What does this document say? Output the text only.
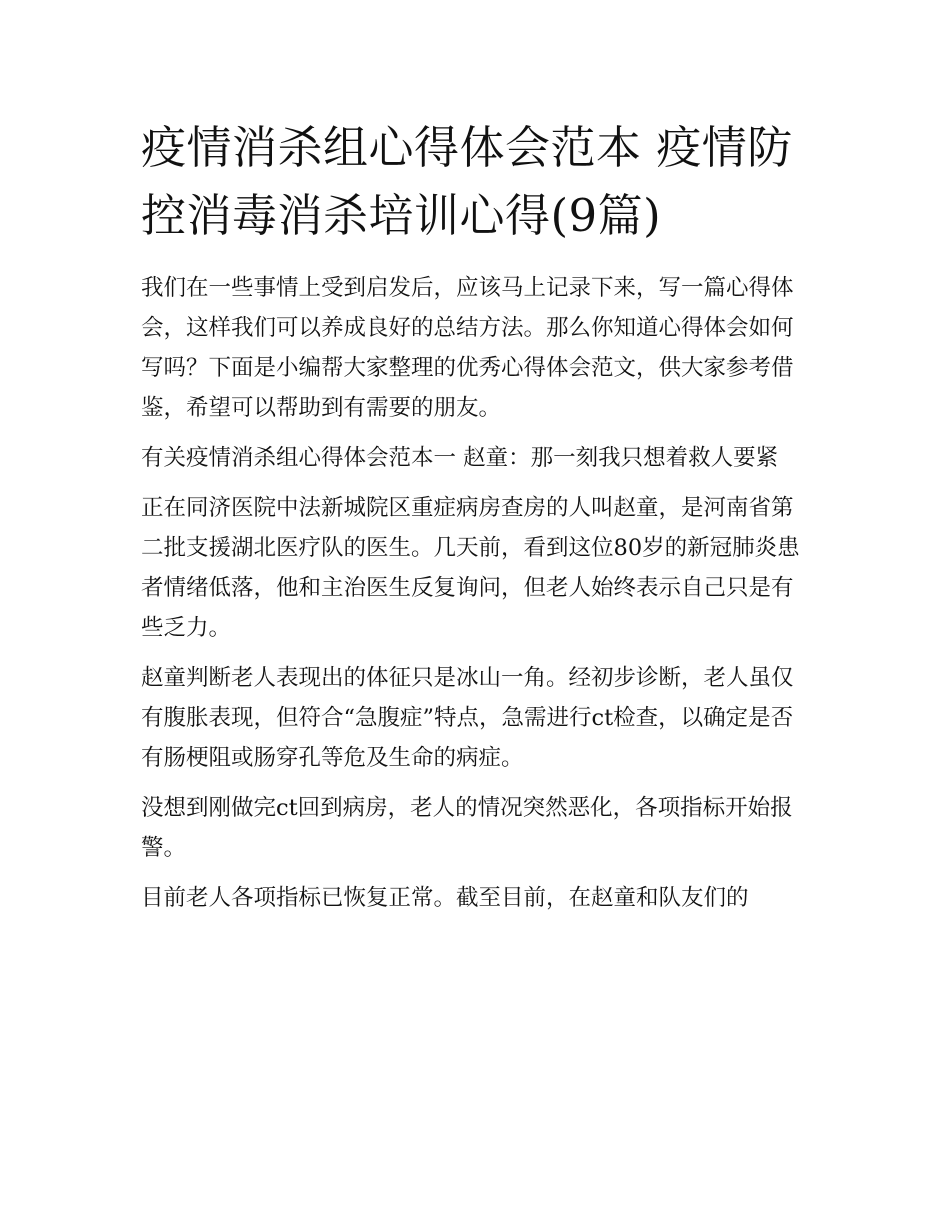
疫情消杀组心得体会范本 疫情防控消毒消杀培训心得(9篇)

我们在一些事情上受到启发后，应该马上记录下来，写一篇心得体会，这样我们可以养成良好的总结方法。那么你知道心得体会如何写吗？下面是小编帮大家整理的优秀心得体会范文，供大家参考借鉴，希望可以帮助到有需要的朋友。

有关疫情消杀组心得体会范本一 赵童：那一刻我只想着救人要紧

正在同济医院中法新城院区重症病房查房的人叫赵童，是河南省第二批支援湖北医疗队的医生。几天前，看到这位80岁的新冠肺炎患者情绪低落，他和主治医生反复询问，但老人始终表示自己只是有些乏力。

赵童判断老人表现出的体征只是冰山一角。经初步诊断，老人虽仅有腹胀表现，但符合“急腹症”特点，急需进行ct检查，以确定是否有肠梗阻或肠穿孔等危及生命的病症。

没想到刚做完ct回到病房，老人的情况突然恶化，各项指标开始报警。

目前老人各项指标已恢复正常。截至目前，在赵童和队友们的
